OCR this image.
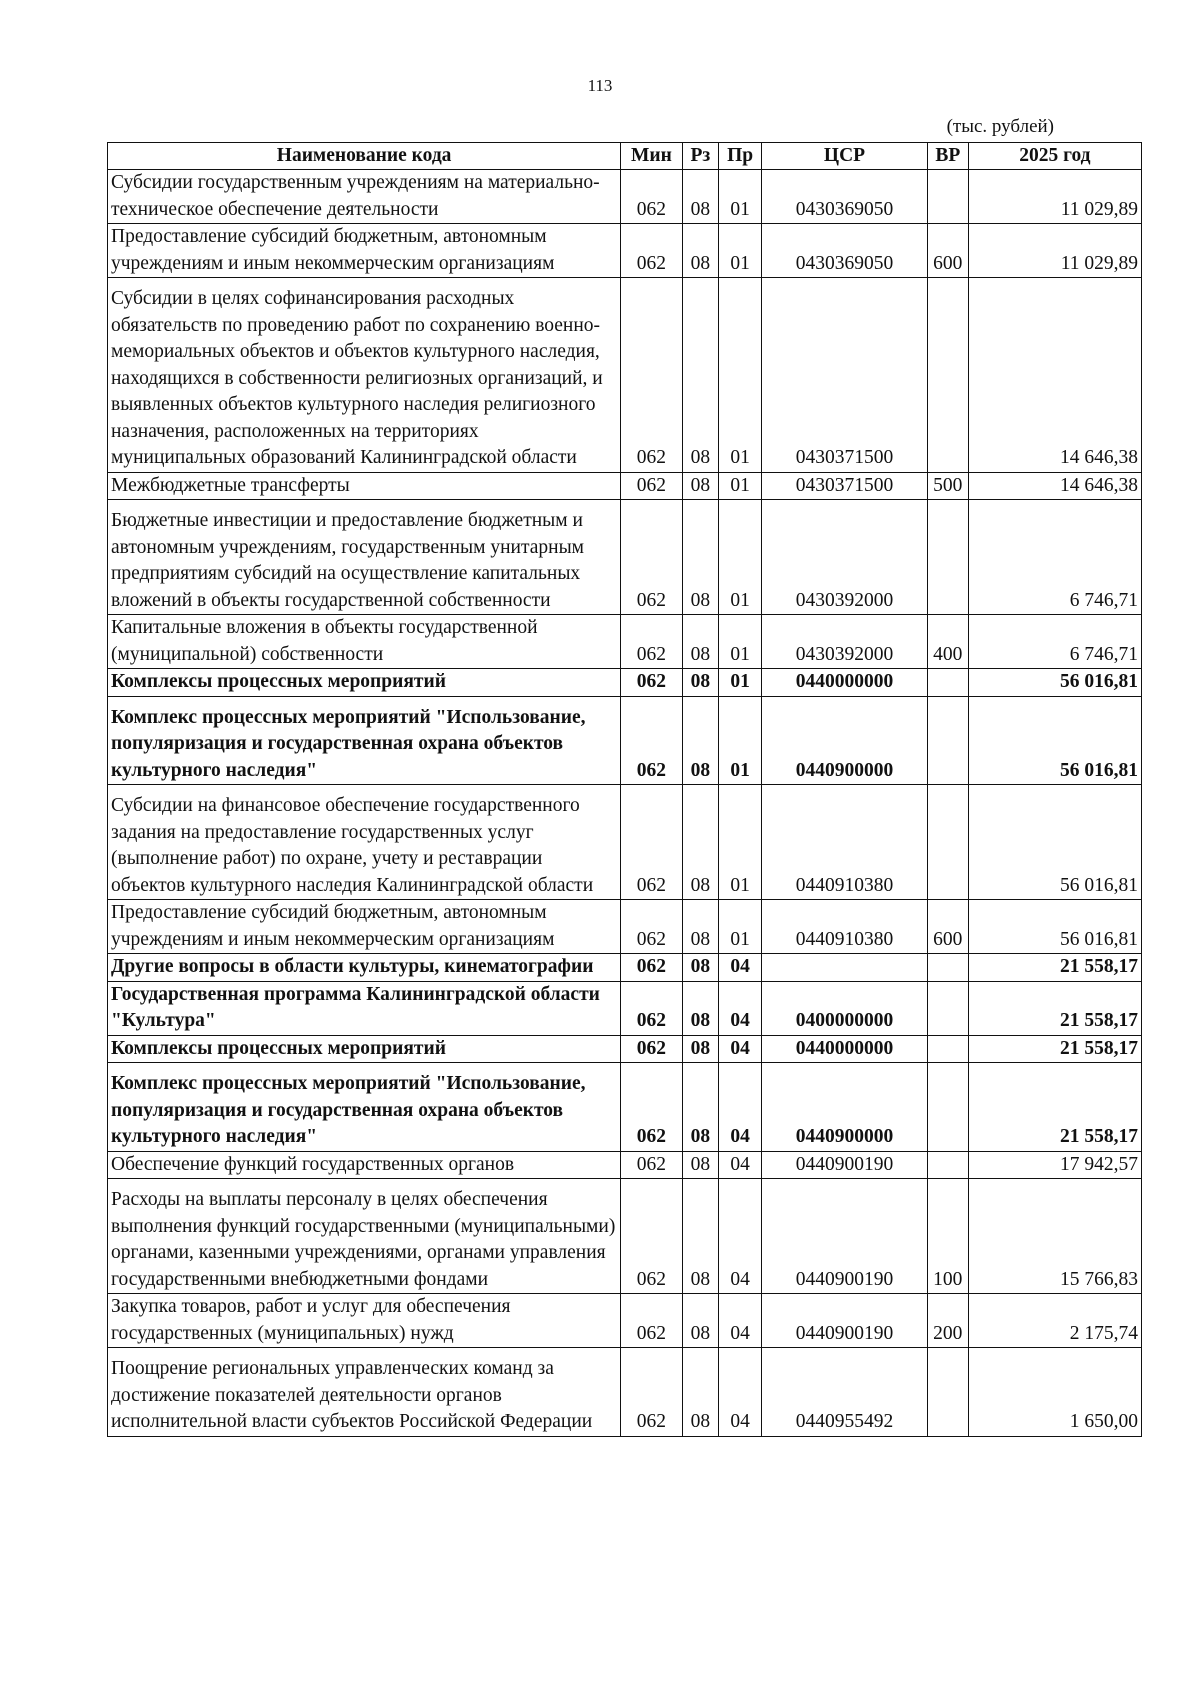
113
(тыс. рублей)
Наименование кода	Мин	Рз	Пр	ЦСР	ВР	2025 год
Субсидии государственным учреждениям на материально-техническое обеспечение деятельности	062	08	01	0430369050		11 029,89
Предоставление субсидий бюджетным, автономным учреждениям и иным некоммерческим организациям	062	08	01	0430369050	600	11 029,89
Субсидии в целях софинансирования расходных обязательств по проведению работ по сохранению военно-мемориальных объектов и объектов культурного наследия, находящихся в собственности религиозных организаций, и выявленных объектов культурного наследия религиозного назначения, расположенных на территориях муниципальных образований Калининградской области	062	08	01	0430371500		14 646,38
Межбюджетные трансферты	062	08	01	0430371500	500	14 646,38
Бюджетные инвестиции и предоставление бюджетным и автономным учреждениям, государственным унитарным предприятиям субсидий на осуществление капитальных вложений в объекты государственной собственности	062	08	01	0430392000		6 746,71
Капитальные вложения в объекты государственной (муниципальной) собственности	062	08	01	0430392000	400	6 746,71
Комплексы процессных мероприятий	062	08	01	0440000000		56 016,81
Комплекс процессных мероприятий "Использование, популяризация и государственная охрана объектов культурного наследия"	062	08	01	0440900000		56 016,81
Субсидии на финансовое обеспечение государственного задания на предоставление государственных услуг (выполнение работ) по охране, учету и реставрации объектов культурного наследия Калининградской области	062	08	01	0440910380		56 016,81
Предоставление субсидий бюджетным, автономным учреждениям и иным некоммерческим организациям	062	08	01	0440910380	600	56 016,81
Другие вопросы в области культуры, кинематографии	062	08	04			21 558,17
Государственная программа Калининградской области "Культура"	062	08	04	0400000000		21 558,17
Комплексы процессных мероприятий	062	08	04	0440000000		21 558,17
Комплекс процессных мероприятий "Использование, популяризация и государственная охрана объектов культурного наследия"	062	08	04	0440900000		21 558,17
Обеспечение функций государственных органов	062	08	04	0440900190		17 942,57
Расходы на выплаты персоналу в целях обеспечения выполнения функций государственными (муниципальными) органами, казенными учреждениями, органами управления государственными внебюджетными фондами	062	08	04	0440900190	100	15 766,83
Закупка товаров, работ и услуг для обеспечения государственных (муниципальных) нужд	062	08	04	0440900190	200	2 175,74
Поощрение региональных управленческих команд за достижение показателей деятельности органов исполнительной власти субъектов Российской Федерации	062	08	04	0440955492		1 650,00
